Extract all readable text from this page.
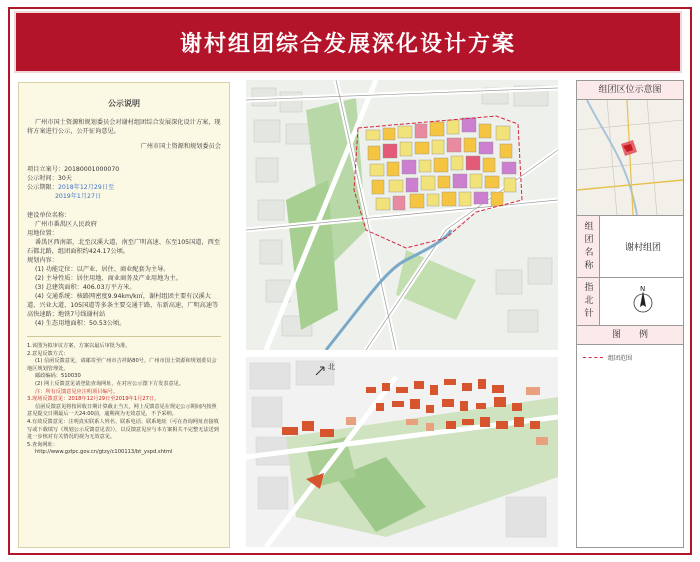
谢村组团综合发展深化设计方案
公示说明

广州市国土资源和规划委员会对谢村组团综合发展深化设计方案，现将方案进行公示，公开征询意见。

广州市国土资源和规划委员会

项目立案号：20180001000070

公示时间：30天

公示期限：2018年12月29日至

2019年1月27日

建设单位名称：

广州市番禺区人民政府

用地位置：

番禺区西南部，北至汉溪大道，南至广明高速、东至105国道，西至石都北路，组团面积约424.17公顷。

规划内容：

(1) 功能定位：以产业、居住、商业配套为主导。

(2) 主导性质：居住用地、商业商务及产业用地为主。

(3) 总建筑面积：406.03万平方米。

(4) 交通系统：核路网密度9.94km/k㎡，谢村组团主要有汉溪大道、兴业大道、105国道等多条主要交通干路，东新高速、广明高速等高快速路；地铁7号线谢村站

(4) 生态用地面积：50.53公顷。

1.该图为拟审议方案，方案以最后审批为准。

2.意见反馈方式：

(1) 信函反馈意见，请邮寄至广州市吉祥路80号，广州市国土资源和规划委员会地区规划管理处。

邮政编码：510030

(2) 网上反馈意见请登陆查询网址，在对应公示图下方发表意见。

注：所有反馈意见应注明项目编号。

3.现场反馈意见：2018年12月29日至2019年1月27日。

信函反馈意见将按回收日期计算截止当天，网上反馈意见在规定公示期间内按照意见提交日期最后一天24:00前，逾期视为无效意见，不予采纳。

4.有效反馈意见：注明真实联系人姓名、联系电话、联系地址（可在查询网址直接填写或下载填写《规划公示反馈意见表》），以反馈意见应与本方案相关不完整无法送到进一步核对有关情况的视为无效意见。

5.查询网址：

http://www.gzlpc.gov.cn/gtzy/c100113/bt_yspd.shtml

北
组团区位示意图
组团名称	谢村组团
指北针	N
图　　例
组团范围
